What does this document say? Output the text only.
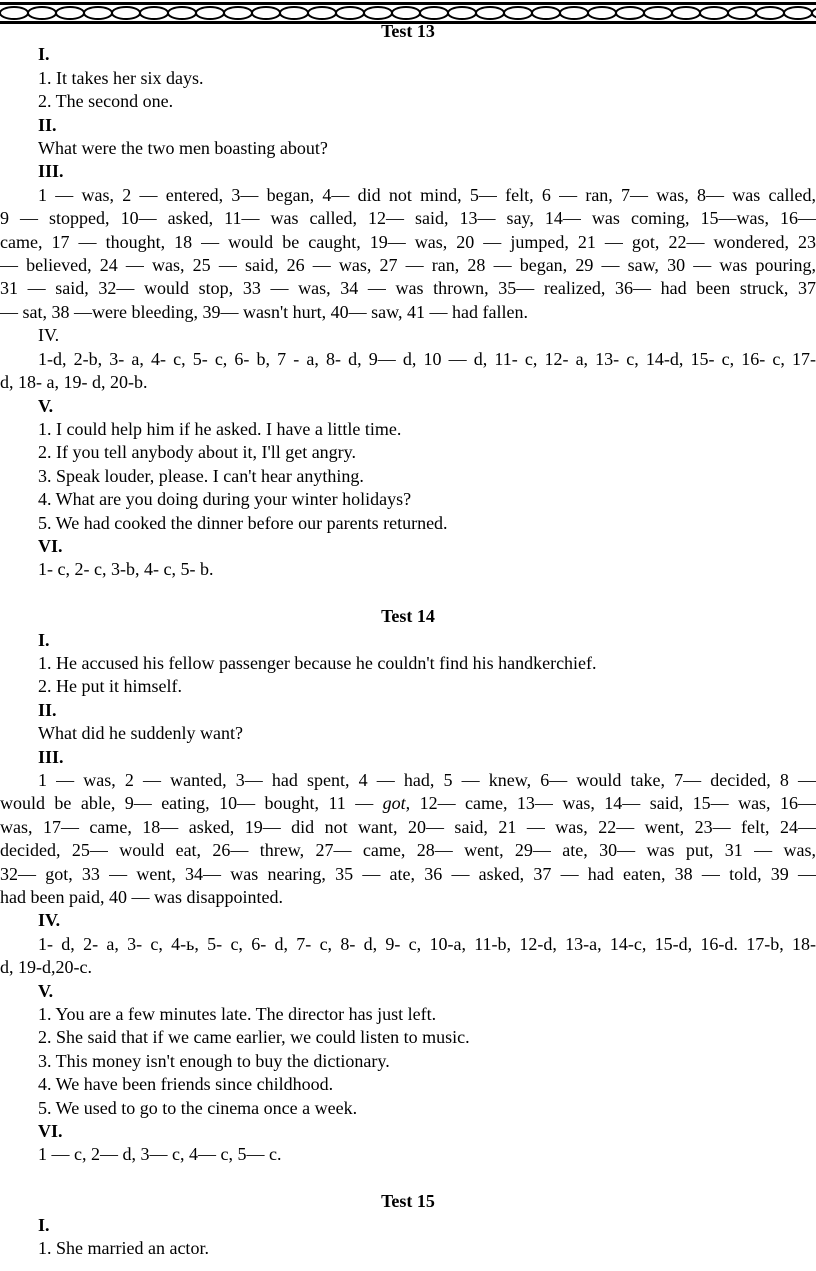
Test 13
I.
1. It takes her six days.
2. The second one.
II.
What were the two men boasting about?
III.
1 — was, 2 — entered, 3— began, 4— did not mind, 5— felt, 6 — ran, 7— was, 8— was called,
9 — stopped, 10— asked, 11— was called, 12— said, 13— say, 14— was coming, 15—was, 16—
came, 17 — thought, 18 — would be caught, 19— was, 20 — jumped, 21 — got, 22— wondered, 23
— believed, 24 — was, 25 — said, 26 — was, 27 — ran, 28 — began, 29 — saw, 30 — was pouring,
31 — said, 32— would stop, 33 — was, 34 — was thrown, 35— realized, 36— had been struck, 37
— sat, 38 —were bleeding, 39— wasn't hurt, 40— saw, 41 — had fallen.
IV.
1-d, 2-b, 3- a, 4- c, 5- c, 6- b, 7 - a, 8- d, 9— d, 10 — d, 11- c, 12- a, 13- c, 14-d, 15- c, 16- c, 17-
d, 18- a, 19- d, 20-b.
V.
1. I could help him if he asked. I have a little time.
2. If you tell anybody about it, I'll get angry.
3. Speak louder, please. I can't hear anything.
4. What are you doing during your winter holidays?
5. We had cooked the dinner before our parents returned.
VI.
1- c, 2- c, 3-b, 4- c, 5- b.
Test 14
I.
1. He accused his fellow passenger because he couldn't find his handkerchief.
2. He put it himself.
II.
What did he suddenly want?
III.
1 — was, 2 — wanted, 3— had spent, 4 — had, 5 — knew, 6— would take, 7— decided, 8 —
would be able, 9— eating, 10— bought, 11 — got, 12— came, 13— was, 14— said, 15— was, 16—
was, 17— came, 18— asked, 19— did not want, 20— said, 21 — was, 22— went, 23— felt, 24—
decided, 25— would eat, 26— threw, 27— came, 28— went, 29— ate, 30— was put, 31 — was,
32— got, 33 — went, 34— was nearing, 35 — ate, 36 — asked, 37 — had eaten, 38 — told, 39 —
had been paid, 40 — was disappointed.
IV.
1- d, 2- a, 3- c, 4-ь, 5- c, 6- d, 7- c, 8- d, 9- c, 10-a, 11-b, 12-d, 13-a, 14-c, 15-d, 16-d. 17-b, 18-
d, 19-d,20-c.
V.
1. You are a few minutes late. The director has just left.
2. She said that if we came earlier, we could listen to music.
3. This money isn't enough to buy the dictionary.
4. We have been friends since childhood.
5. We used to go to the cinema once a week.
VI.
1 — c, 2— d, 3— c, 4— c, 5— c.
Test 15
I.
1. She married an actor.
